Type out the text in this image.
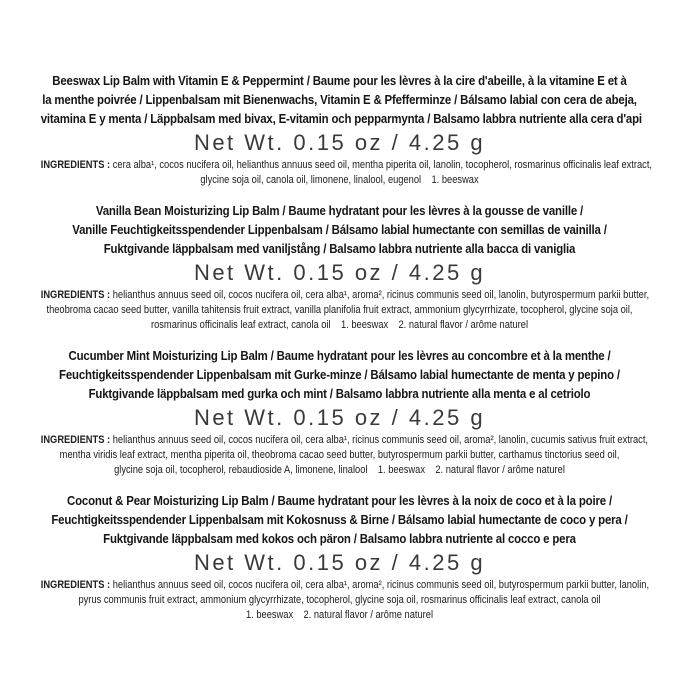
Beeswax Lip Balm with Vitamin E & Peppermint / Baume pour les lèvres à la cire d'abeille, à la vitamine E et à
la menthe poivrée / Lippenbalsam mit Bienenwachs, Vitamin E & Pfefferminze / Bálsamo labial con cera de abeja,
vitamina E y menta / Läppbalsam med bivax, E-vitamin och pepparmynta / Balsamo labbra nutriente alla cera d'api
Net Wt. 0.15 oz / 4.25 g
INGREDIENTS : cera alba¹, cocos nucifera oil, helianthus annuus seed oil, mentha piperita oil, lanolin, tocopherol, rosmarinus officinalis leaf extract,
glycine soja oil, canola oil, limonene, linalool, eugenol    1. beeswax
Vanilla Bean Moisturizing Lip Balm / Baume hydratant pour les lèvres à la gousse de vanille /
Vanille Feuchtigkeitsspendender Lippenbalsam / Bálsamo labial humectante con semillas de vainilla /
Fuktgivande läppbalsam med vaniljstång / Balsamo labbra nutriente alla bacca di vaniglia
Net Wt. 0.15 oz / 4.25 g
INGREDIENTS : helianthus annuus seed oil, cocos nucifera oil, cera alba¹, aroma², ricinus communis seed oil, lanolin, butyrospermum parkii butter,
theobroma cacao seed butter, vanilla tahitensis fruit extract, vanilla planifolia fruit extract, ammonium glycyrrhizate, tocopherol, glycine soja oil,
rosmarinus officinalis leaf extract, canola oil    1. beeswax    2. natural flavor / arôme naturel
Cucumber Mint Moisturizing Lip Balm / Baume hydratant pour les lèvres au concombre et à la menthe /
Feuchtigkeitsspendender Lippenbalsam mit Gurke-minze / Bálsamo labial humectante de menta y pepino /
Fuktgivande läppbalsam med gurka och mint / Balsamo labbra nutriente alla menta e al cetriolo
Net Wt. 0.15 oz / 4.25 g
INGREDIENTS : helianthus annuus seed oil, cocos nucifera oil, cera alba¹, ricinus communis seed oil, aroma², lanolin, cucumis sativus fruit extract,
mentha viridis leaf extract, mentha piperita oil, theobroma cacao seed butter, butyrospermum parkii butter, carthamus tinctorius seed oil,
glycine soja oil, tocopherol, rebaudioside A, limonene, linalool    1. beeswax    2. natural flavor / arôme naturel
Coconut & Pear Moisturizing Lip Balm / Baume hydratant pour les lèvres à la noix de coco et à la poire /
Feuchtigkeitsspendender Lippenbalsam mit Kokosnuss & Birne / Bálsamo labial humectante de coco y pera /
Fuktgivande läppbalsam med kokos och päron / Balsamo labbra nutriente al cocco e pera
Net Wt. 0.15 oz / 4.25 g
INGREDIENTS : helianthus annuus seed oil, cocos nucifera oil, cera alba¹, aroma², ricinus communis seed oil, butyrospermum parkii butter, lanolin,
pyrus communis fruit extract, ammonium glycyrrhizate, tocopherol, glycine soja oil, rosmarinus officinalis leaf extract, canola oil
1. beeswax    2. natural flavor / arôme naturel
